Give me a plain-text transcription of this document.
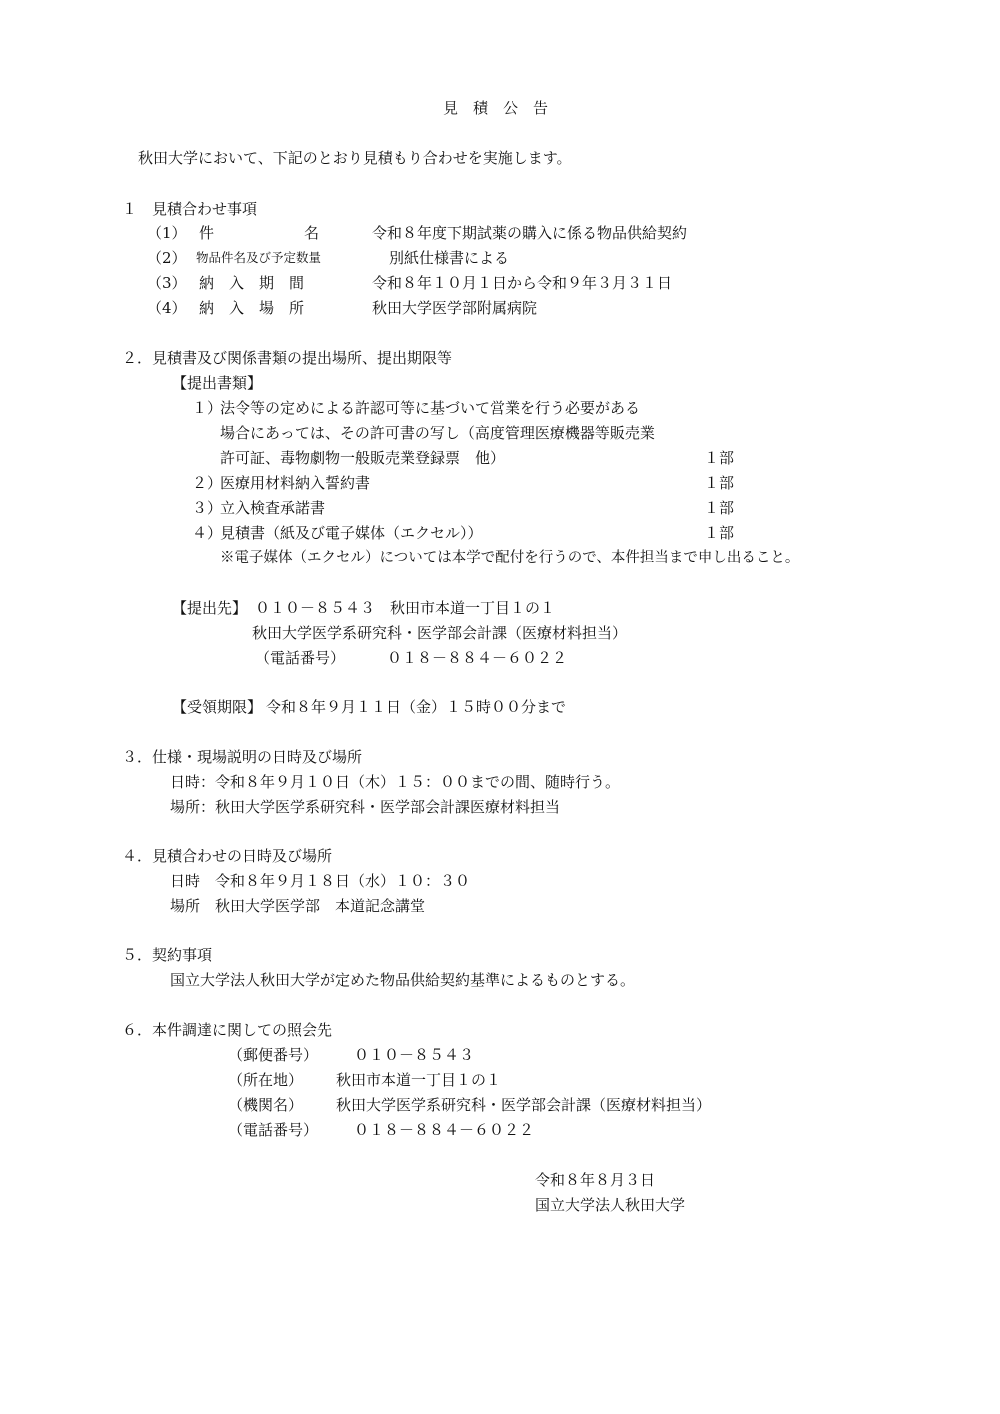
見　積　公　告
秋田大学において、下記のとおり見積もり合わせを実施します。
１　見積合わせ事項
（1） 件　　　　　　名	令和８年度下期試薬の購入に係る物品供給契約
（2） 物品件名及び予定数量	別紙仕様書による
（3） 納　入　期　間	令和８年１０月１日から令和９年３月３１日
（4） 納　入　場　所	秋田大学医学部附属病院
２．見積書及び関係書類の提出場所、提出期限等
【提出書類】
１）
法令等の定めによる許認可等に基づいて営業を行う必要がある
場合にあっては、その許可書の写し（高度管理医療機器等販売業
許可証、毒物劇物一般販売業登録票　他）	１部
２）
医療用材料納入誓約書	１部
３）
立入検査承諾書	１部
４）
見積書（紙及び電子媒体（エクセル））	１部
※電子媒体（エクセル）については本学で配付を行うので、本件担当まで申し出ること。
【提出先】 ０１０－８５４３　秋田市本道一丁目１の１
秋田大学医学系研究科・医学部会計課（医療材料担当）
（電話番号）	０１８－８８４－６０２２
【受領期限】 令和８年９月１１日（金）１５時００分まで
３．仕様・現場説明の日時及び場所
日時：令和８年９月１０日（木）１５：００までの間、随時行う。
場所：秋田大学医学系研究科・医学部会計課医療材料担当
４．見積合わせの日時及び場所
日時　令和８年９月１８日（水）１０：３０
場所　秋田大学医学部　本道記念講堂
５．契約事項
国立大学法人秋田大学が定めた物品供給契約基準によるものとする。
６．本件調達に関しての照会先
（郵便番号） ０１０－８５４３
（所在地） 秋田市本道一丁目１の１
（機関名） 秋田大学医学系研究科・医学部会計課（医療材料担当）
（電話番号） ０１８－８８４－６０２２
令和８年８月３日
国立大学法人秋田大学
